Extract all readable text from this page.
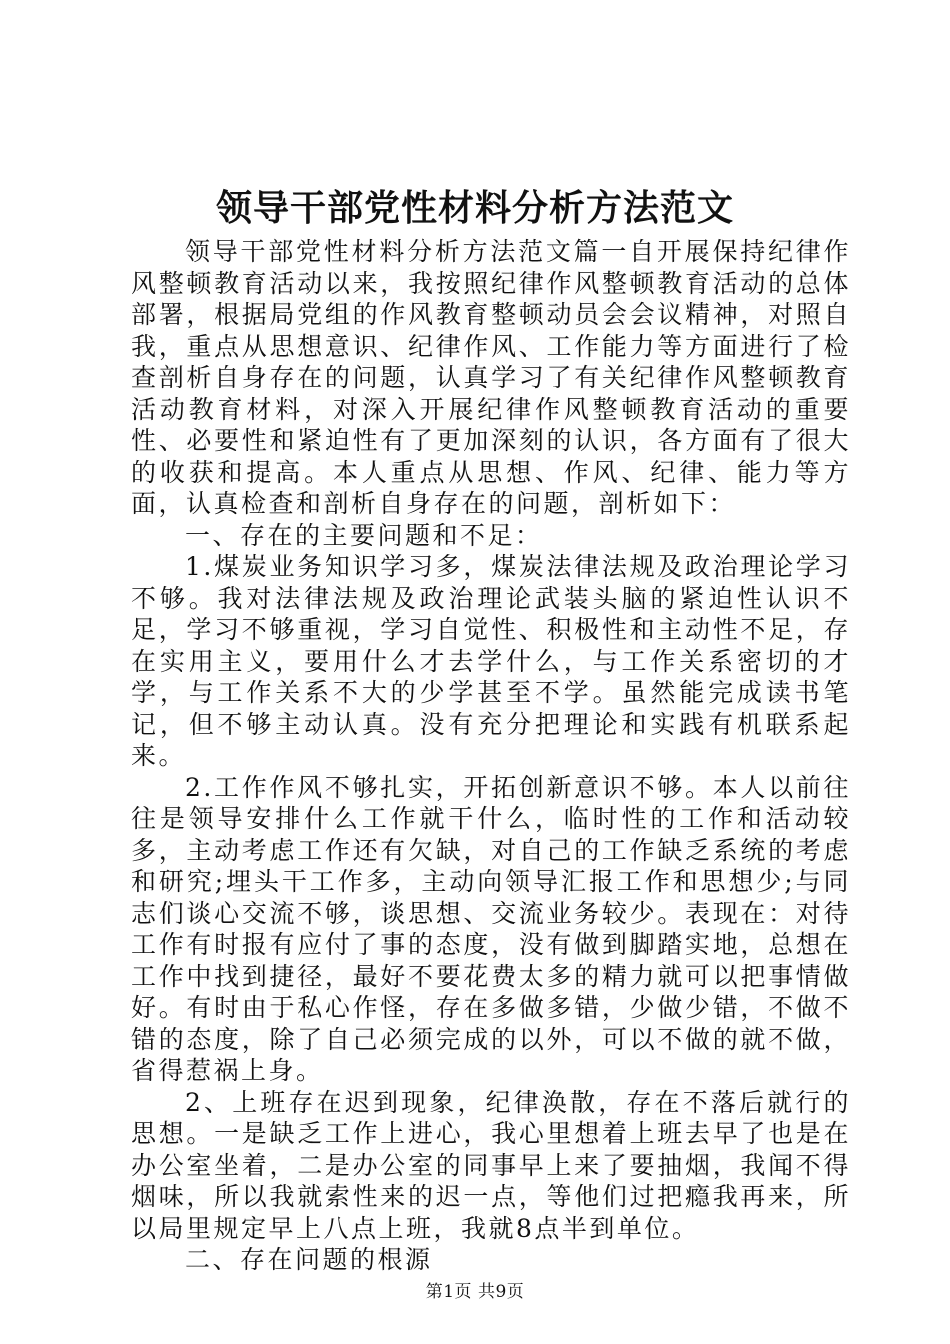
领导干部党性材料分析方法范文

领导干部党性材料分析方法范文篇一自开展保持纪律作风整顿教育活动以来，我按照纪律作风整顿教育活动的总体部署，根据局党组的作风教育整顿动员会会议精神，对照自我，重点从思想意识、纪律作风、工作能力等方面进行了检查剖析自身存在的问题，认真学习了有关纪律作风整顿教育活动教育材料，对深入开展纪律作风整顿教育活动的重要性、必要性和紧迫性有了更加深刻的认识，各方面有了很大的收获和提高。本人重点从思想、作风、纪律、能力等方面，认真检查和剖析自身存在的问题，剖析如下：

一、存在的主要问题和不足：

1.煤炭业务知识学习多，煤炭法律法规及政治理论学习不够。我对法律法规及政治理论武装头脑的紧迫性认识不足，学习不够重视，学习自觉性、积极性和主动性不足，存在实用主义，要用什么才去学什么，与工作关系密切的才学，与工作关系不大的少学甚至不学。虽然能完成读书笔记，但不够主动认真。没有充分把理论和实践有机联系起来。

2.工作作风不够扎实，开拓创新意识不够。本人以前往往是领导安排什么工作就干什么，临时性的工作和活动较多，主动考虑工作还有欠缺，对自己的工作缺乏系统的考虑和研究;埋头干工作多，主动向领导汇报工作和思想少;与同志们谈心交流不够，谈思想、交流业务较少。表现在：对待工作有时报有应付了事的态度，没有做到脚踏实地，总想在工作中找到捷径，最好不要花费太多的精力就可以把事情做好。有时由于私心作怪，存在多做多错，少做少错，不做不错的态度，除了自己必须完成的以外，可以不做的就不做，省得惹祸上身。

2、上班存在迟到现象，纪律涣散，存在不落后就行的思想。一是缺乏工作上进心，我心里想着上班去早了也是在办公室坐着，二是办公室的同事早上来了要抽烟，我闻不得烟味，所以我就索性来的迟一点，等他们过把瘾我再来，所以局里规定早上八点上班，我就8点半到单位。

二、存在问题的根源

第1页 共9页
